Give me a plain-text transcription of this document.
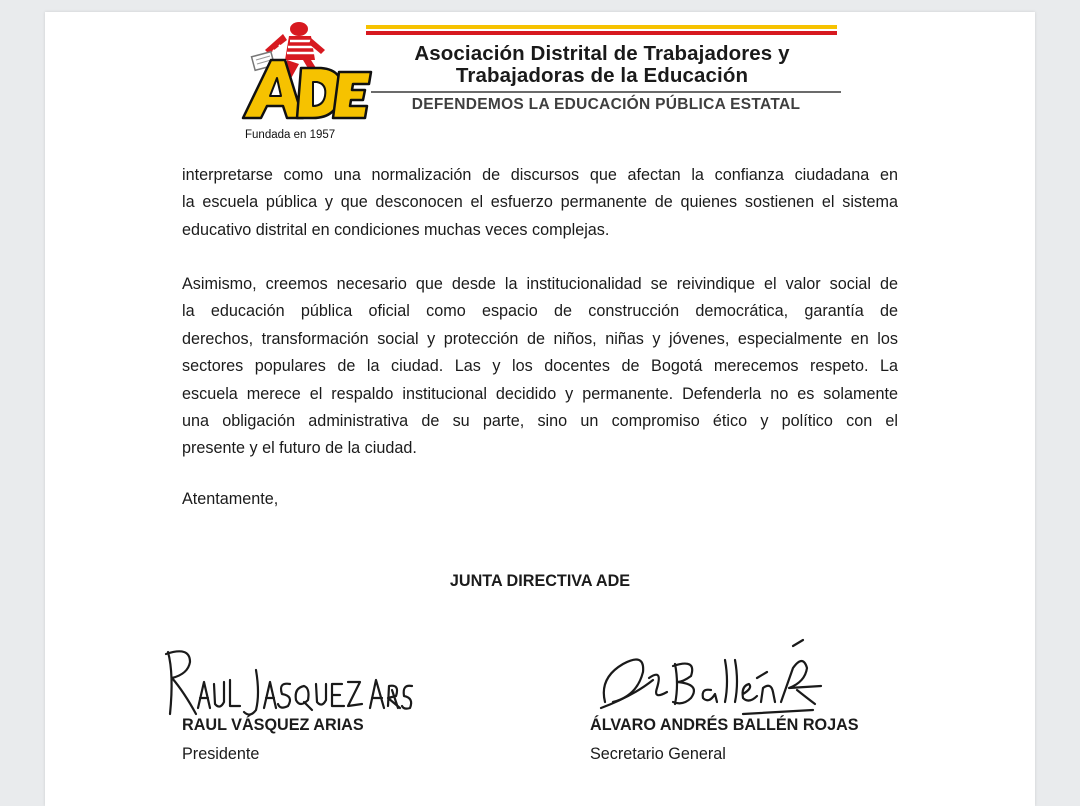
Fundada en 1957
Asociación Distrital de Trabajadores y
Trabajadoras de la Educación
DEFENDEMOS LA EDUCACIÓN PÚBLICA ESTATAL
interpretarse como una normalización de discursos que afectan la confianza ciudadana en
la escuela pública y que desconocen el esfuerzo permanente de quienes sostienen el sistema
educativo distrital en condiciones muchas veces complejas.
Asimismo, creemos necesario que desde la institucionalidad se reivindique el valor social de
la educación pública oficial como espacio de construcción democrática, garantía de
derechos, transformación social y protección de niños, niñas y jóvenes, especialmente en los
sectores populares de la ciudad. Las y los docentes de Bogotá merecemos respeto. La
escuela merece el respaldo institucional decidido y permanente. Defenderla no es solamente
una obligación administrativa de su parte, sino un compromiso ético y político con el
presente y el futuro de la ciudad.
Atentamente,
JUNTA DIRECTIVA ADE
RAUL VÁSQUEZ ARIAS
Presidente
ÁLVARO ANDRÉS BALLÉN ROJAS
Secretario General
